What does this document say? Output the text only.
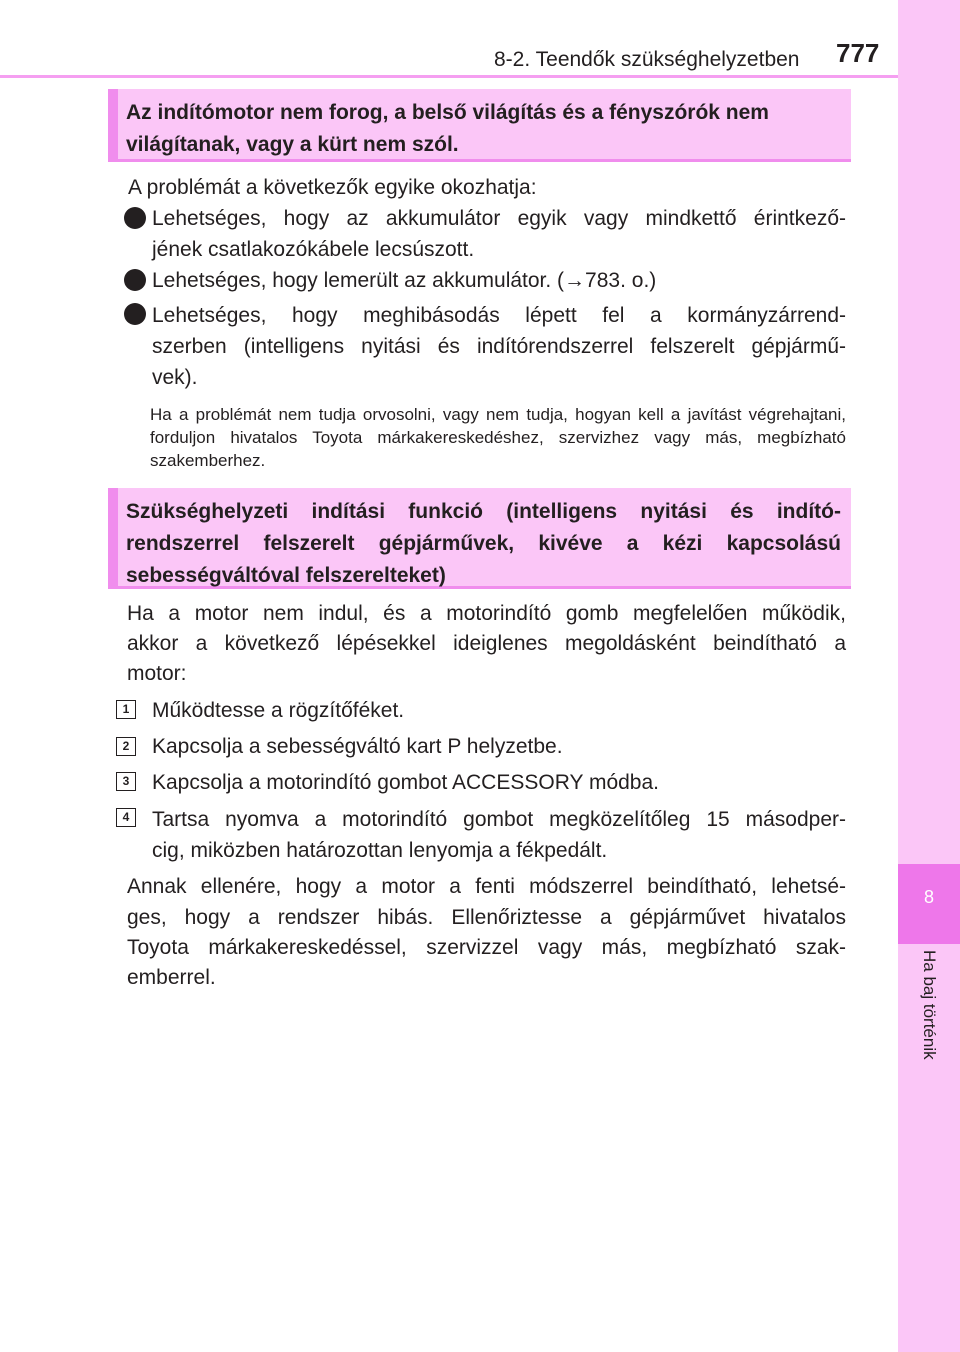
8-2. Teendők szükséghelyzetben 777
8
Ha baj történik
Az indítómotor nem forog, a belső világítás és a fényszórók nem világítanak, vagy a kürt nem szól.
A problémát a következők egyike okozhatja:
Lehetséges, hogy az akkumulátor egyik vagy mindkettő érintkező-
jének csatlakozókábele lecsúszott.
Lehetséges, hogy lemerült az akkumulátor. (→783. o.)
Lehetséges, hogy meghibásodás lépett fel a kormányzárrend-
szerben (intelligens nyitási és indítórendszerrel felszerelt gépjármű-
vek).
Ha a problémát nem tudja orvosolni, vagy nem tudja, hogyan kell a javítást végrehajtani, forduljon hivatalos Toyota márkakereskedéshez, szervizhez vagy más, megbízható szakemberhez.
Szükséghelyzeti indítási funkció (intelligens nyitási és indító-
rendszerrel felszerelt gépjárművek, kivéve a kézi kapcsolású
sebességváltóval felszerelteket)
Ha a motor nem indul, és a motorindító gomb megfelelően működik,
akkor a következő lépésekkel ideiglenes megoldásként beindítható a
motor:
1	Működtesse a rögzítőféket.
2	Kapcsolja a sebességváltó kart P helyzetbe.
3	Kapcsolja a motorindító gombot ACCESSORY módba.
4	Tartsa nyomva a motorindító gombot megközelítőleg 15 másodper-
cig, miközben határozottan lenyomja a fékpedált.
Annak ellenére, hogy a motor a fenti módszerrel beindítható, lehetsé-
ges, hogy a rendszer hibás. Ellenőriztesse a gépjárművet hivatalos
Toyota márkakereskedéssel, szervizzel vagy más, megbízható szak-
emberrel.
